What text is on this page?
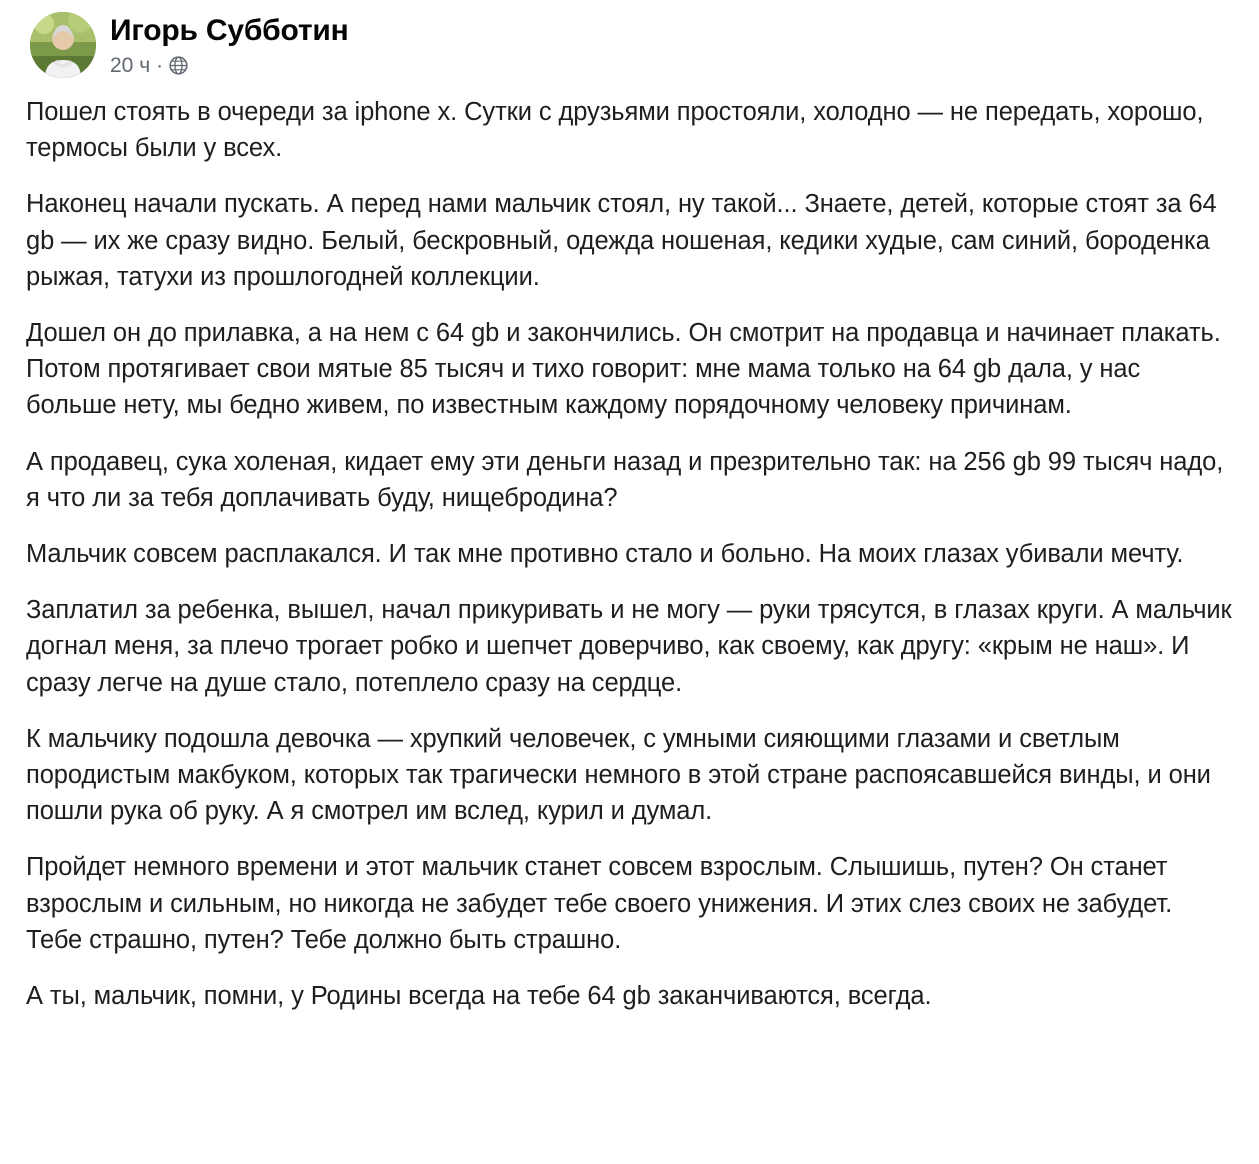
Игорь Субботин
20 ч ·

Пошел стоять в очереди за iphone x. Сутки с друзьями простояли, холодно — не передать, хорошо, термосы были у всех.

Наконец начали пускать. А перед нами мальчик стоял, ну такой... Знаете, детей, которые стоят за 64 gb — их же сразу видно. Белый, бескровный, одежда ношеная, кедики худые, сам синий, бороденка рыжая, татухи из прошлогодней коллекции.

Дошел он до прилавка, а на нем с 64 gb и закончились. Он смотрит на продавца и начинает плакать. Потом протягивает свои мятые 85 тысяч и тихо говорит: мне мама только на 64 gb дала, у нас больше нету, мы бедно живем, по известным каждому порядочному человеку причинам.

А продавец, сука холеная, кидает ему эти деньги назад и презрительно так: на 256 gb 99 тысяч надо, я что ли за тебя доплачивать буду, нищебродина?

Мальчик совсем расплакался. И так мне противно стало и больно. На моих глазах убивали мечту.

Заплатил за ребенка, вышел, начал прикуривать и не могу — руки трясутся, в глазах круги. А мальчик догнал меня, за плечо трогает робко и шепчет доверчиво, как своему, как другу: «крым не наш». И сразу легче на душе стало, потеплело сразу на сердце.

К мальчику подошла девочка — хрупкий человечек, с умными сияющими глазами и светлым породистым макбуком, которых так трагически немного в этой стране распоясавшейся винды, и они пошли рука об руку. А я смотрел им вслед, курил и думал.

Пройдет немного времени и этот мальчик станет совсем взрослым. Слышишь, путен? Он станет взрослым и сильным, но никогда не забудет тебе своего унижения. И этих слез своих не забудет. Тебе страшно, путен? Тебе должно быть страшно.

А ты, мальчик, помни, у Родины всегда на тебе 64 gb заканчиваются, всегда.
